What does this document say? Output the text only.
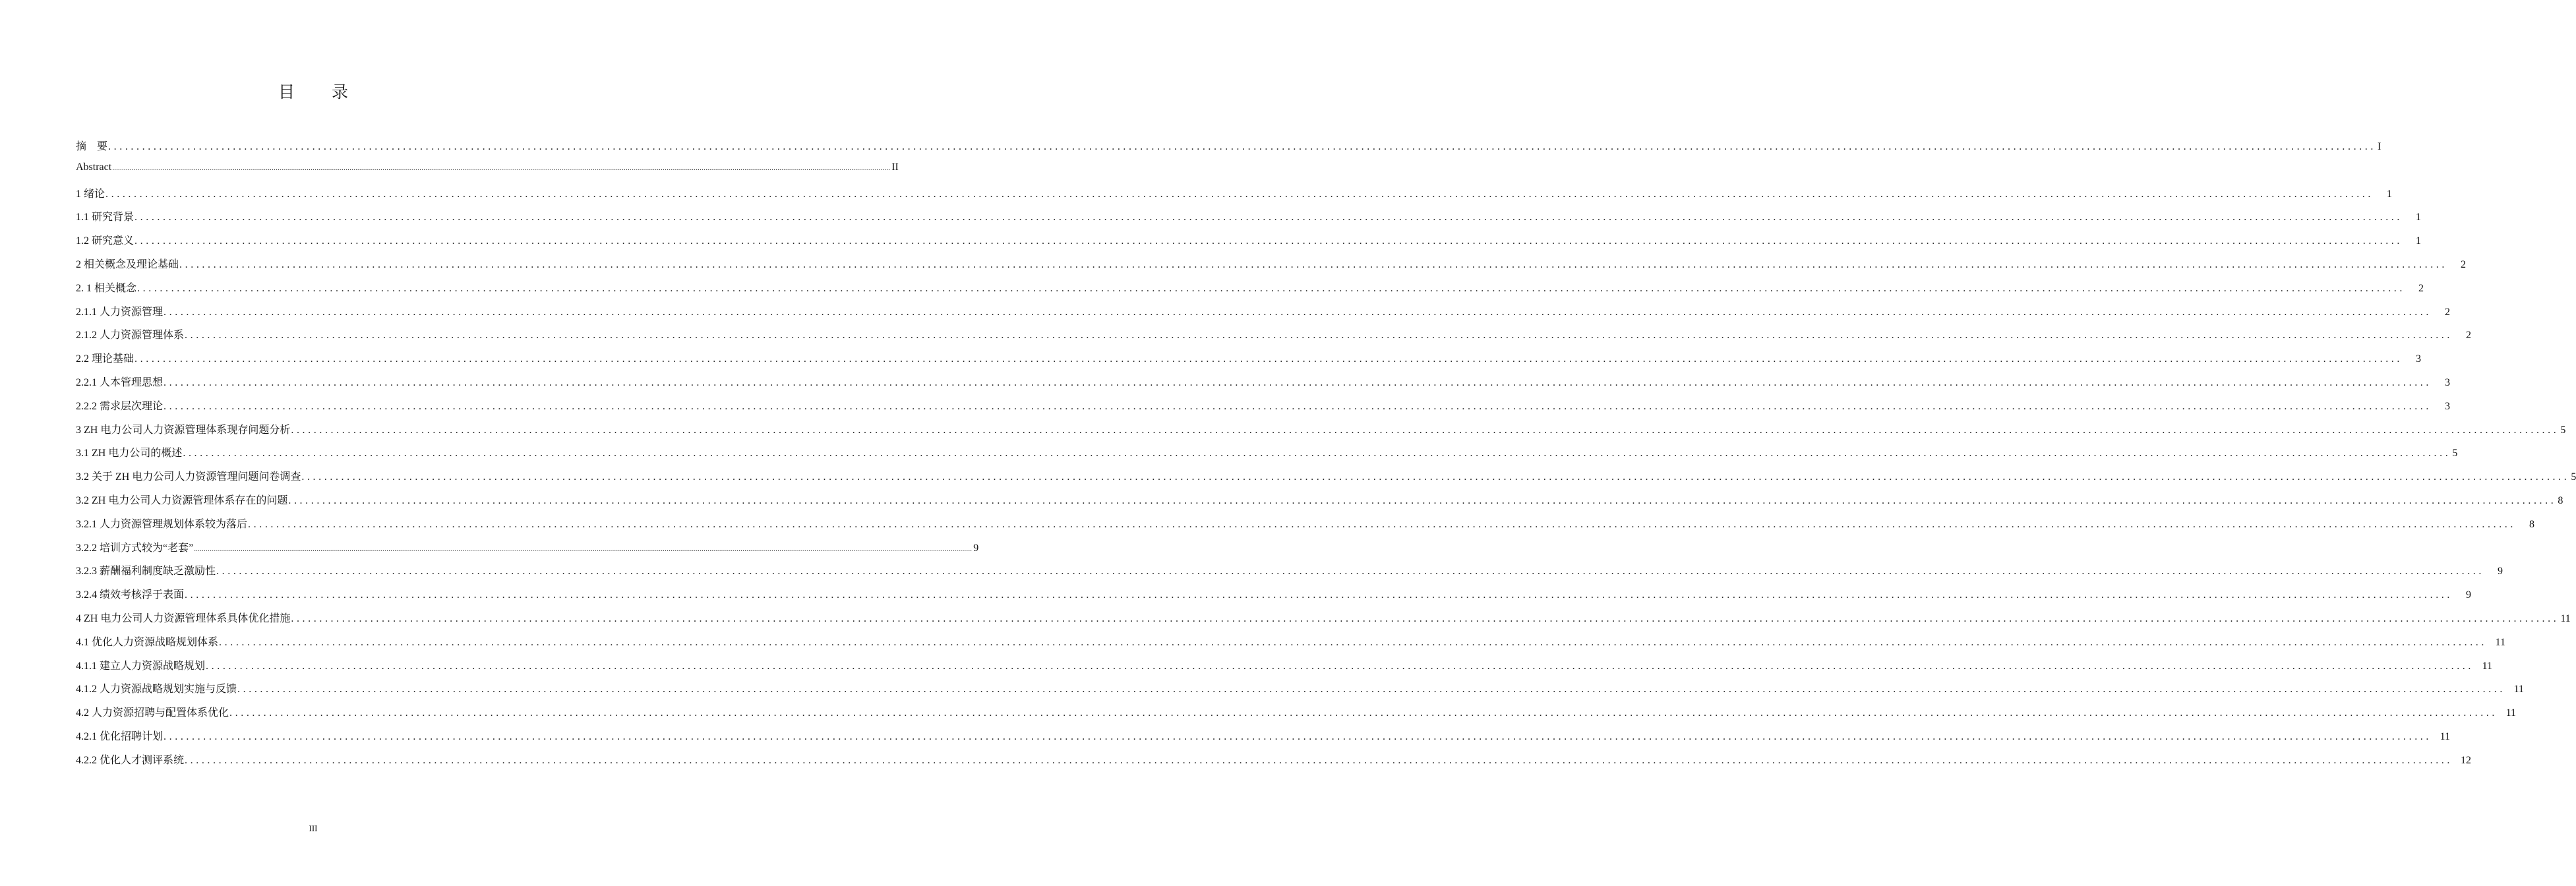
目 录
摘　要 ................................................................................................................................................................................................................................................................................................................................................................................................................ I
Abstract ................................................................................................................................................................................................................................................................................................................................................................................................................ II
1 绪论 ................................................................................................................................................................................................................................................................................................................................................................................................................	1
1.1 研究背景 ................................................................................................................................................................................................................................................................................................................................................................................................................	1
1.2 研究意义 ................................................................................................................................................................................................................................................................................................................................................................................................................	1
2 相关概念及理论基础 ................................................................................................................................................................................................................................................................................................................................................................................................................	2
2. 1 相关概念 ................................................................................................................................................................................................................................................................................................................................................................................................................	2
2.1.1 人力资源管理 ................................................................................................................................................................................................................................................................................................................................................................................................................	2
2.1.2 人力资源管理体系 ................................................................................................................................................................................................................................................................................................................................................................................................................	2
2.2 理论基础 ................................................................................................................................................................................................................................................................................................................................................................................................................	3
2.2.1 人本管理思想 ................................................................................................................................................................................................................................................................................................................................................................................................................	3
2.2.2 需求层次理论 ................................................................................................................................................................................................................................................................................................................................................................................................................	3
3 ZH 电力公司人力资源管理体系现存问题分析 ................................................................................................................................................................................................................................................................................................................................................................................................................ 5
3.1 ZH 电力公司的概述 ................................................................................................................................................................................................................................................................................................................................................................................................................ 5
3.2 关于 ZH 电力公司人力资源管理问题问卷调查 ................................................................................................................................................................................................................................................................................................................................................................................................................ 5
3.2 ZH 电力公司人力资源管理体系存在的问题 ................................................................................................................................................................................................................................................................................................................................................................................................................ 8
3.2.1 人力资源管理规划体系较为落后 ................................................................................................................................................................................................................................................................................................................................................................................................................	8
3.2.2 培训方式较为“老套” ................................................................................................................................................................................................................................................................................................................................................................................................................ 9
3.2.3 薪酬福利制度缺乏激励性 ................................................................................................................................................................................................................................................................................................................................................................................................................	9
3.2.4 绩效考核浮于表面 ................................................................................................................................................................................................................................................................................................................................................................................................................	9
4 ZH 电力公司人力资源管理体系具体优化措施 ................................................................................................................................................................................................................................................................................................................................................................................................................ 11
4.1 优化人力资源战略规划体系 ................................................................................................................................................................................................................................................................................................................................................................................................................ 11
4.1.1 建立人力资源战略规划 ................................................................................................................................................................................................................................................................................................................................................................................................................ 11
4.1.2 人力资源战略规划实施与反馈 ................................................................................................................................................................................................................................................................................................................................................................................................................ 11
4.2 人力资源招聘与配置体系优化 ................................................................................................................................................................................................................................................................................................................................................................................................................ 11
4.2.1 优化招聘计划 ................................................................................................................................................................................................................................................................................................................................................................................................................ 11
4.2.2 优化人才测评系统 ................................................................................................................................................................................................................................................................................................................................................................................................................ 12
III
